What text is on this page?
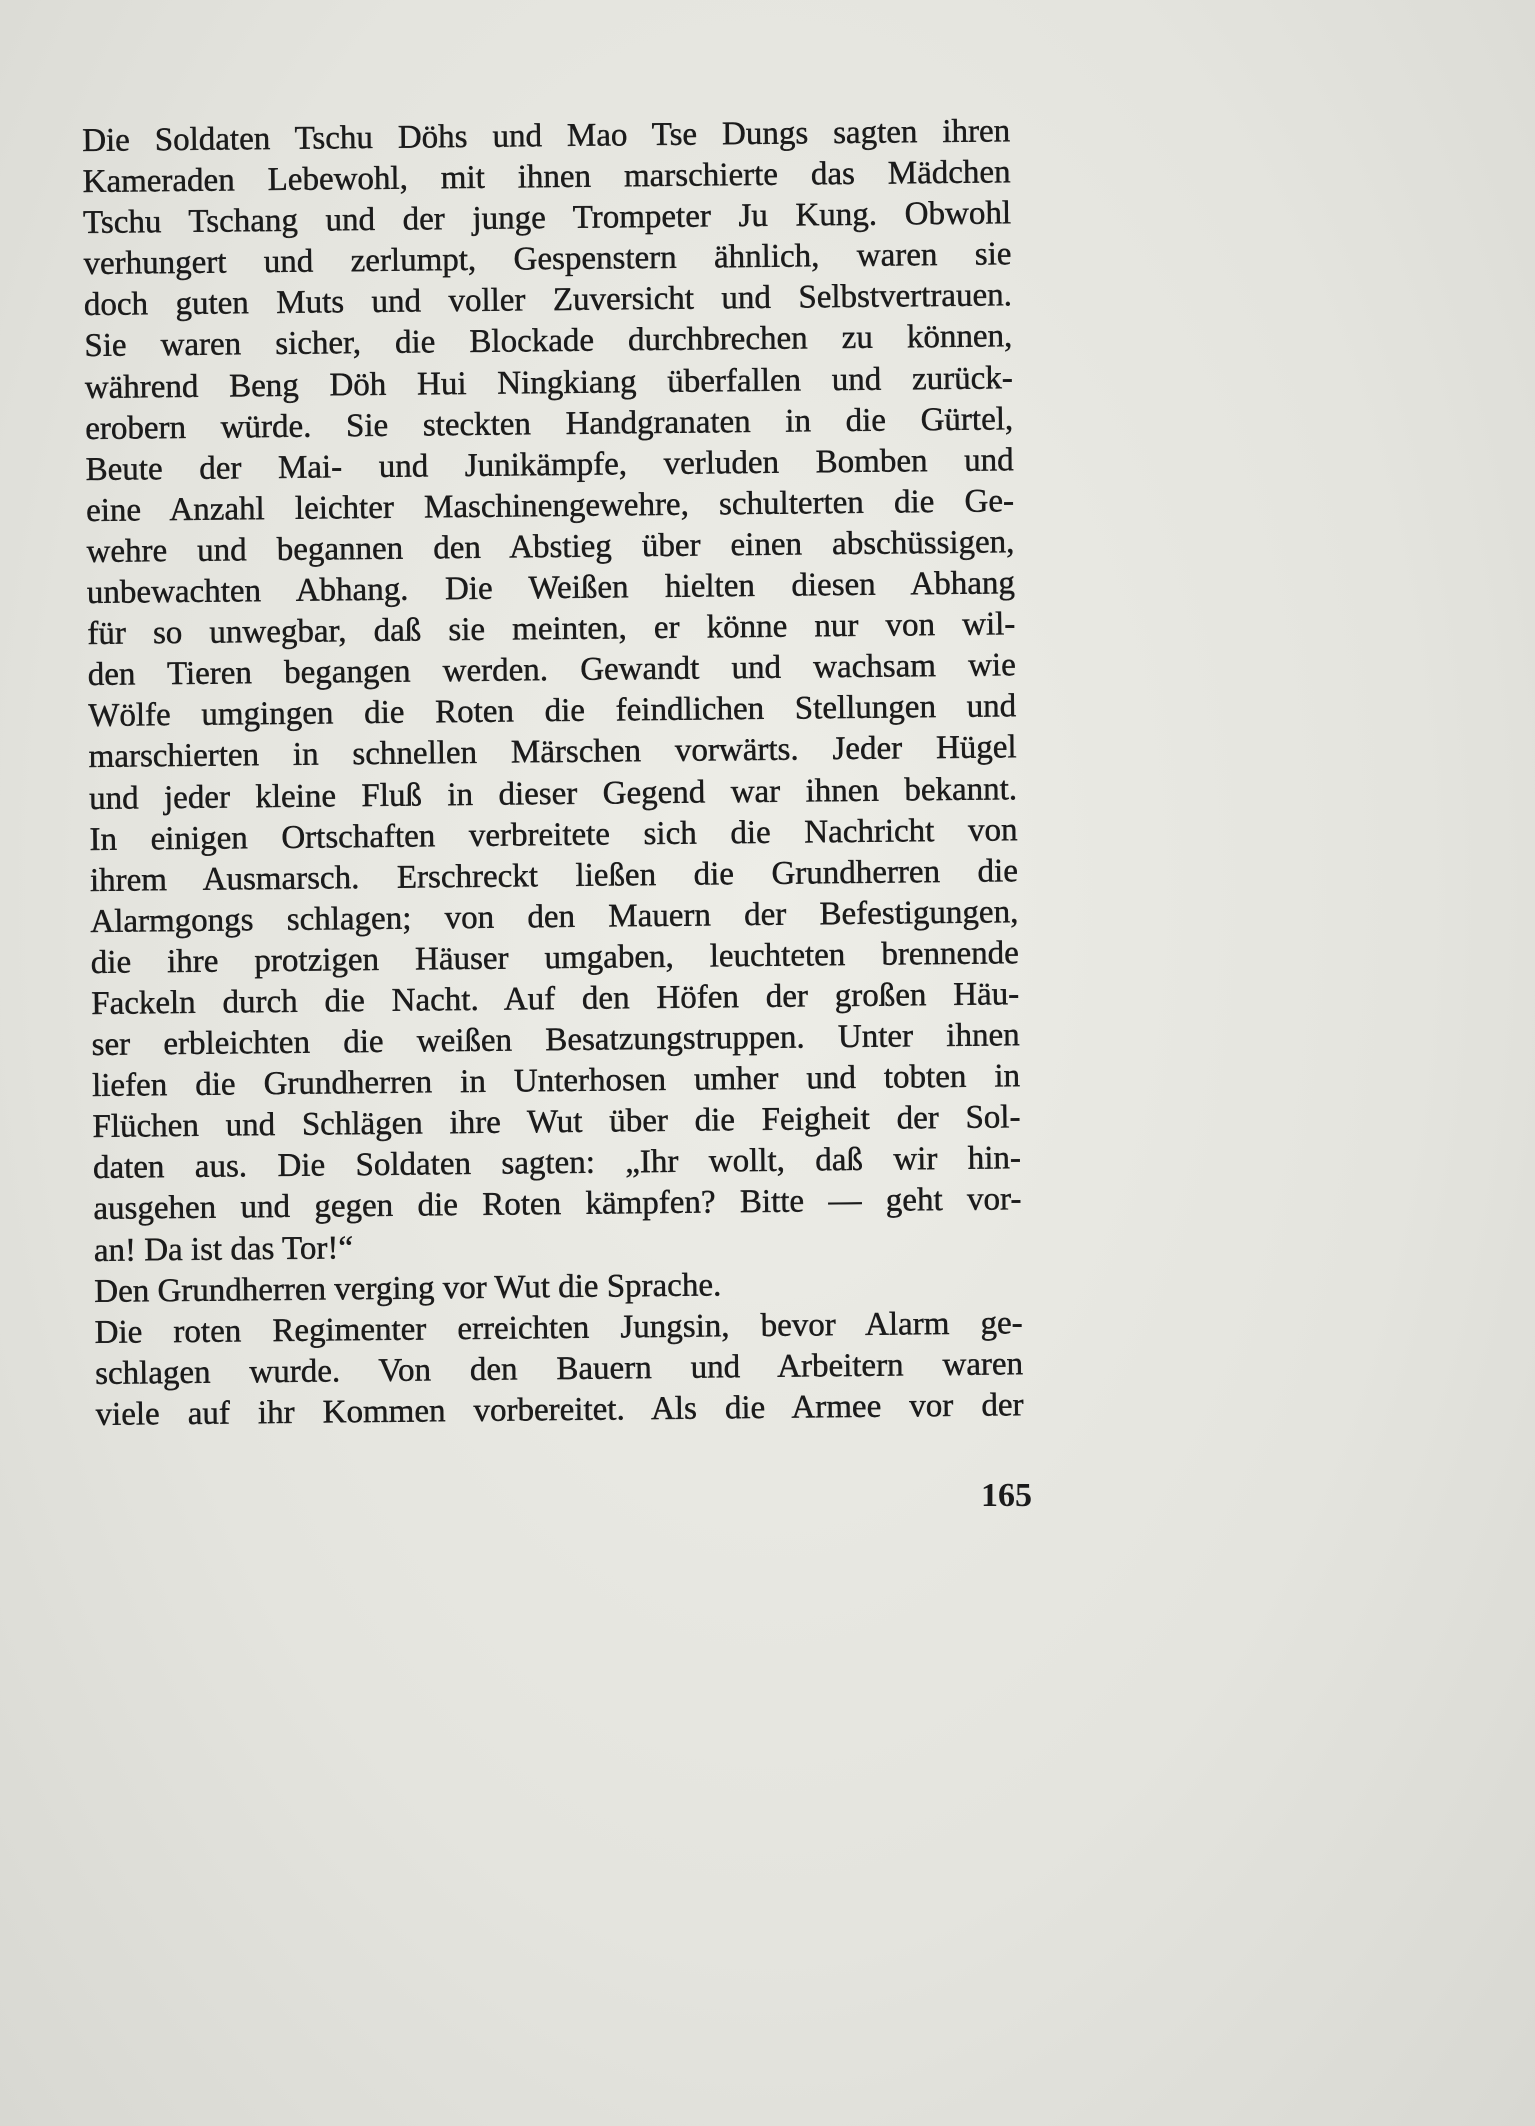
Die Soldaten Tschu Döhs und Mao Tse Dungs sagten ihren
Kameraden Lebewohl, mit ihnen marschierte das Mädchen
Tschu Tschang und der junge Trompeter Ju Kung. Obwohl
verhungert und zerlumpt, Gespenstern ähnlich, waren sie
doch guten Muts und voller Zuversicht und Selbstvertrauen.
Sie waren sicher, die Blockade durchbrechen zu können,
während Beng Döh Hui Ningkiang überfallen und zurück-
erobern würde. Sie steckten Handgranaten in die Gürtel,
Beute der Mai- und Junikämpfe, verluden Bomben und
eine Anzahl leichter Maschinengewehre, schulterten die Ge-
wehre und begannen den Abstieg über einen abschüssigen,
unbewachten Abhang. Die Weißen hielten diesen Abhang
für so unwegbar, daß sie meinten, er könne nur von wil-
den Tieren begangen werden. Gewandt und wachsam wie
Wölfe umgingen die Roten die feindlichen Stellungen und
marschierten in schnellen Märschen vorwärts. Jeder Hügel
und jeder kleine Fluß in dieser Gegend war ihnen bekannt.
In einigen Ortschaften verbreitete sich die Nachricht von
ihrem Ausmarsch. Erschreckt ließen die Grundherren die
Alarmgongs schlagen; von den Mauern der Befestigungen,
die ihre protzigen Häuser umgaben, leuchteten brennende
Fackeln durch die Nacht. Auf den Höfen der großen Häu-
ser erbleichten die weißen Besatzungstruppen. Unter ihnen
liefen die Grundherren in Unterhosen umher und tobten in
Flüchen und Schlägen ihre Wut über die Feigheit der Sol-
daten aus. Die Soldaten sagten: „Ihr wollt, daß wir hin-
ausgehen und gegen die Roten kämpfen? Bitte — geht vor-
an! Da ist das Tor!“
Den Grundherren verging vor Wut die Sprache.
Die roten Regimenter erreichten Jungsin, bevor Alarm ge-
schlagen wurde. Von den Bauern und Arbeitern waren
viele auf ihr Kommen vorbereitet. Als die Armee vor der
165
